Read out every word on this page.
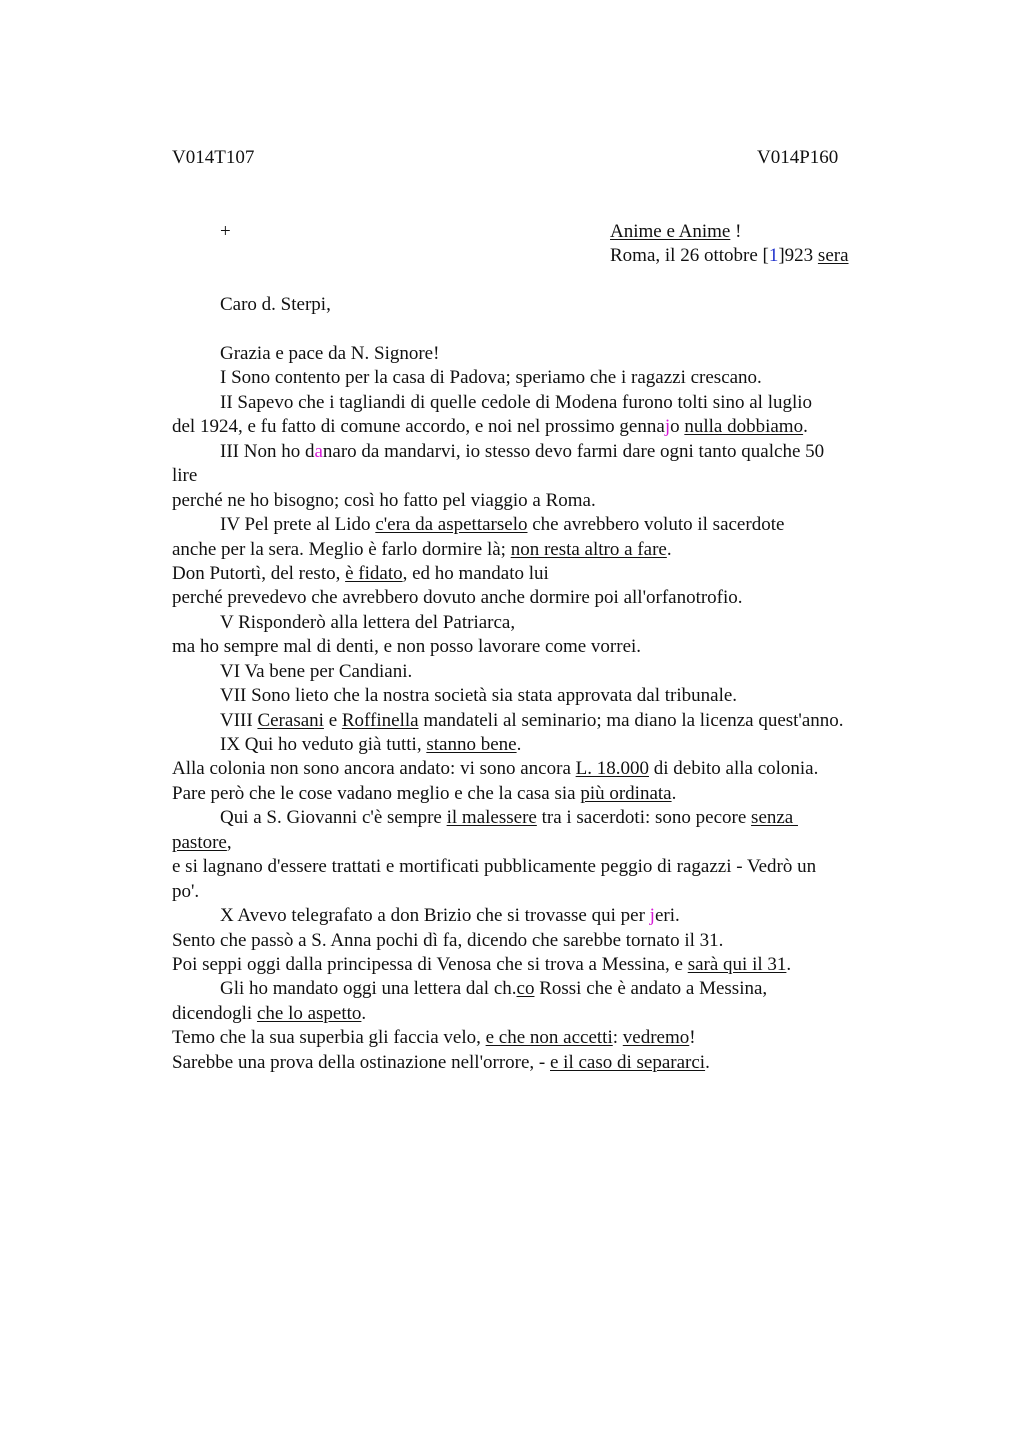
V014T107	V014P160
+	Anime e Anime !
Roma, il 26 ottobre [1]923 sera
Caro d. Sterpi,
Grazia e pace da N. Signore!
I Sono contento per la casa di Padova; speriamo che i ragazzi crescano.
II Sapevo che i tagliandi di quelle cedole di Modena furono tolti sino al luglio
del 1924, e fu fatto di comune accordo, e noi nel prossimo gennajo nulla dobbiamo.
III Non ho danaro da mandarvi, io stesso devo farmi dare ogni tanto qualche 50
lire
perché ne ho bisogno; così ho fatto pel viaggio a Roma.
IV Pel prete al Lido c'era da aspettarselo che avrebbero voluto il sacerdote
anche per la sera. Meglio è farlo dormire là; non resta altro a fare.
Don Putortì, del resto, è fidato, ed ho mandato lui
perché prevedevo che avrebbero dovuto anche dormire poi all'orfanotrofio.
V Risponderò alla lettera del Patriarca,
ma ho sempre mal di denti, e non posso lavorare come vorrei.
VI Va bene per Candiani.
VII Sono lieto che la nostra società sia stata approvata dal tribunale.
VIII Cerasani e Roffinella mandateli al seminario; ma diano la licenza quest'anno.
IX Qui ho veduto già tutti, stanno bene.
Alla colonia non sono ancora andato: vi sono ancora L. 18.000 di debito alla colonia.
Pare però che le cose vadano meglio e che la casa sia più ordinata.
Qui a S. Giovanni c'è sempre il malessere tra i sacerdoti: sono pecore senza
pastore,
e si lagnano d'essere trattati e mortificati pubblicamente peggio di ragazzi - Vedrò un
po'.
X Avevo telegrafato a don Brizio che si trovasse qui per jeri.
Sento che passò a S. Anna pochi dì fa, dicendo che sarebbe tornato il 31.
Poi seppi oggi dalla principessa di Venosa che si trova a Messina, e sarà qui il 31.
Gli ho mandato oggi una lettera dal ch.co Rossi che è andato a Messina,
dicendogli che lo aspetto.
Temo che la sua superbia gli faccia velo, e che non accetti: vedremo!
Sarebbe una prova della ostinazione nell'orrore, - e il caso di separarci.
